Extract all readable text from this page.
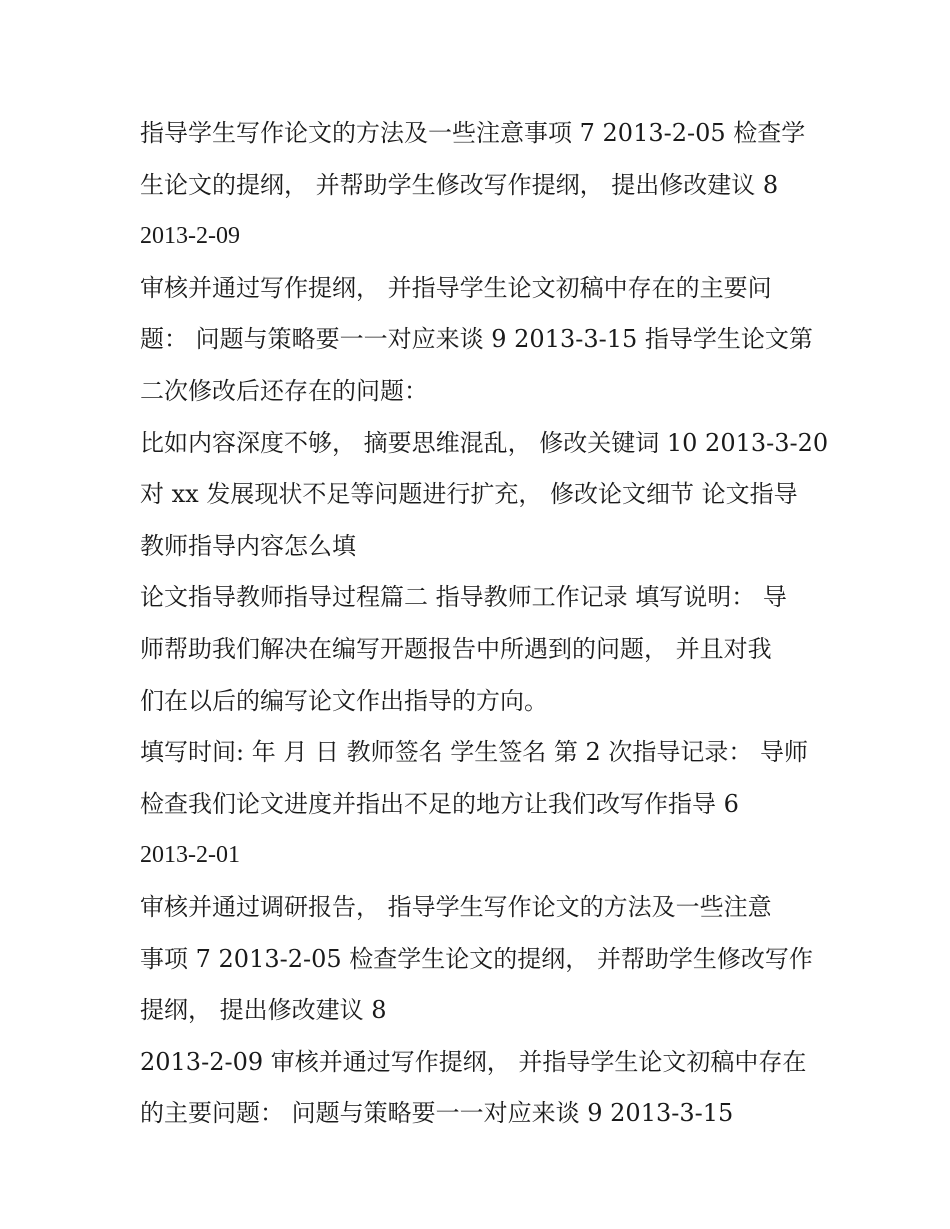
指导学生写作论文的方法及一些注意事项 7 2013-2-05 检查学
生论文的提纲， 并帮助学生修改写作提纲， 提出修改建议 8
2013-2-09
审核并通过写作提纲， 并指导学生论文初稿中存在的主要问
题： 问题与策略要一一对应来谈 9 2013-3-15 指导学生论文第
二次修改后还存在的问题：
比如内容深度不够， 摘要思维混乱， 修改关键词 10 2013-3-20
对 xx 发展现状不足等问题进行扩充， 修改论文细节 论文指导
教师指导内容怎么填
论文指导教师指导过程篇二 指导教师工作记录 填写说明： 导
师帮助我们解决在编写开题报告中所遇到的问题， 并且对我
们在以后的编写论文作出指导的方向。
填写时间: 年 月 日 教师签名 学生签名 第 2 次指导记录： 导师
检查我们论文进度并指出不足的地方让我们改写作指导 6
2013-2-01
审核并通过调研报告， 指导学生写作论文的方法及一些注意
事项 7 2013-2-05 检查学生论文的提纲， 并帮助学生修改写作
提纲， 提出修改建议 8
2013-2-09 审核并通过写作提纲， 并指导学生论文初稿中存在
的主要问题： 问题与策略要一一对应来谈 9 2013-3-15
